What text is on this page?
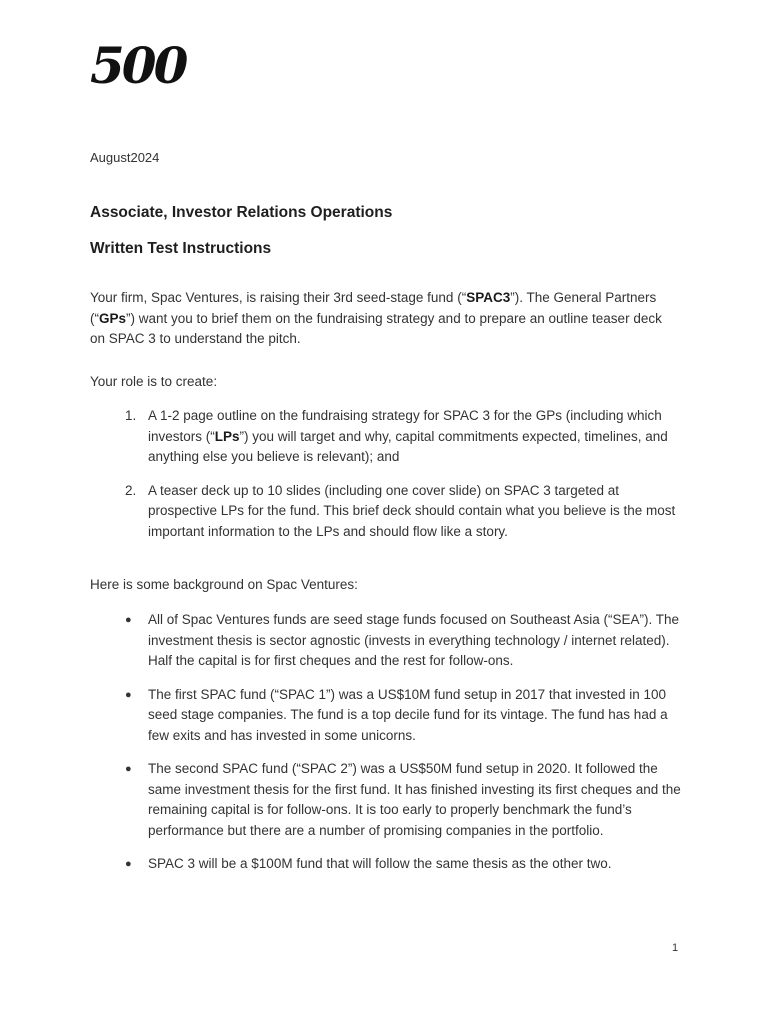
500
August2024
Associate, Investor Relations Operations
Written Test Instructions

Your firm, Spac Ventures, is raising their 3rd seed-stage fund (“SPAC3”). The General Partners (“GPs”) want you to brief them on the fundraising strategy and to prepare an outline teaser deck on SPAC 3 to understand the pitch.

Your role is to create:

1. A 1-2 page outline on the fundraising strategy for SPAC 3 for the GPs (including which investors (“LPs”) you will target and why, capital commitments expected, timelines, and anything else you believe is relevant); and
2. A teaser deck up to 10 slides (including one cover slide) on SPAC 3 targeted at prospective LPs for the fund. This brief deck should contain what you believe is the most important information to the LPs and should flow like a story.

Here is some background on Spac Ventures:

● All of Spac Ventures funds are seed stage funds focused on Southeast Asia (“SEA”). The investment thesis is sector agnostic (invests in everything technology / internet related). Half the capital is for first cheques and the rest for follow-ons.
● The first SPAC fund (“SPAC 1”) was a US$10M fund setup in 2017 that invested in 100 seed stage companies. The fund is a top decile fund for its vintage. The fund has had a few exits and has invested in some unicorns.
● The second SPAC fund (“SPAC 2”) was a US$50M fund setup in 2020. It followed the same investment thesis for the first fund. It has finished investing its first cheques and the remaining capital is for follow-ons. It is too early to properly benchmark the fund’s performance but there are a number of promising companies in the portfolio.
● SPAC 3 will be a $100M fund that will follow the same thesis as the other two.
1
